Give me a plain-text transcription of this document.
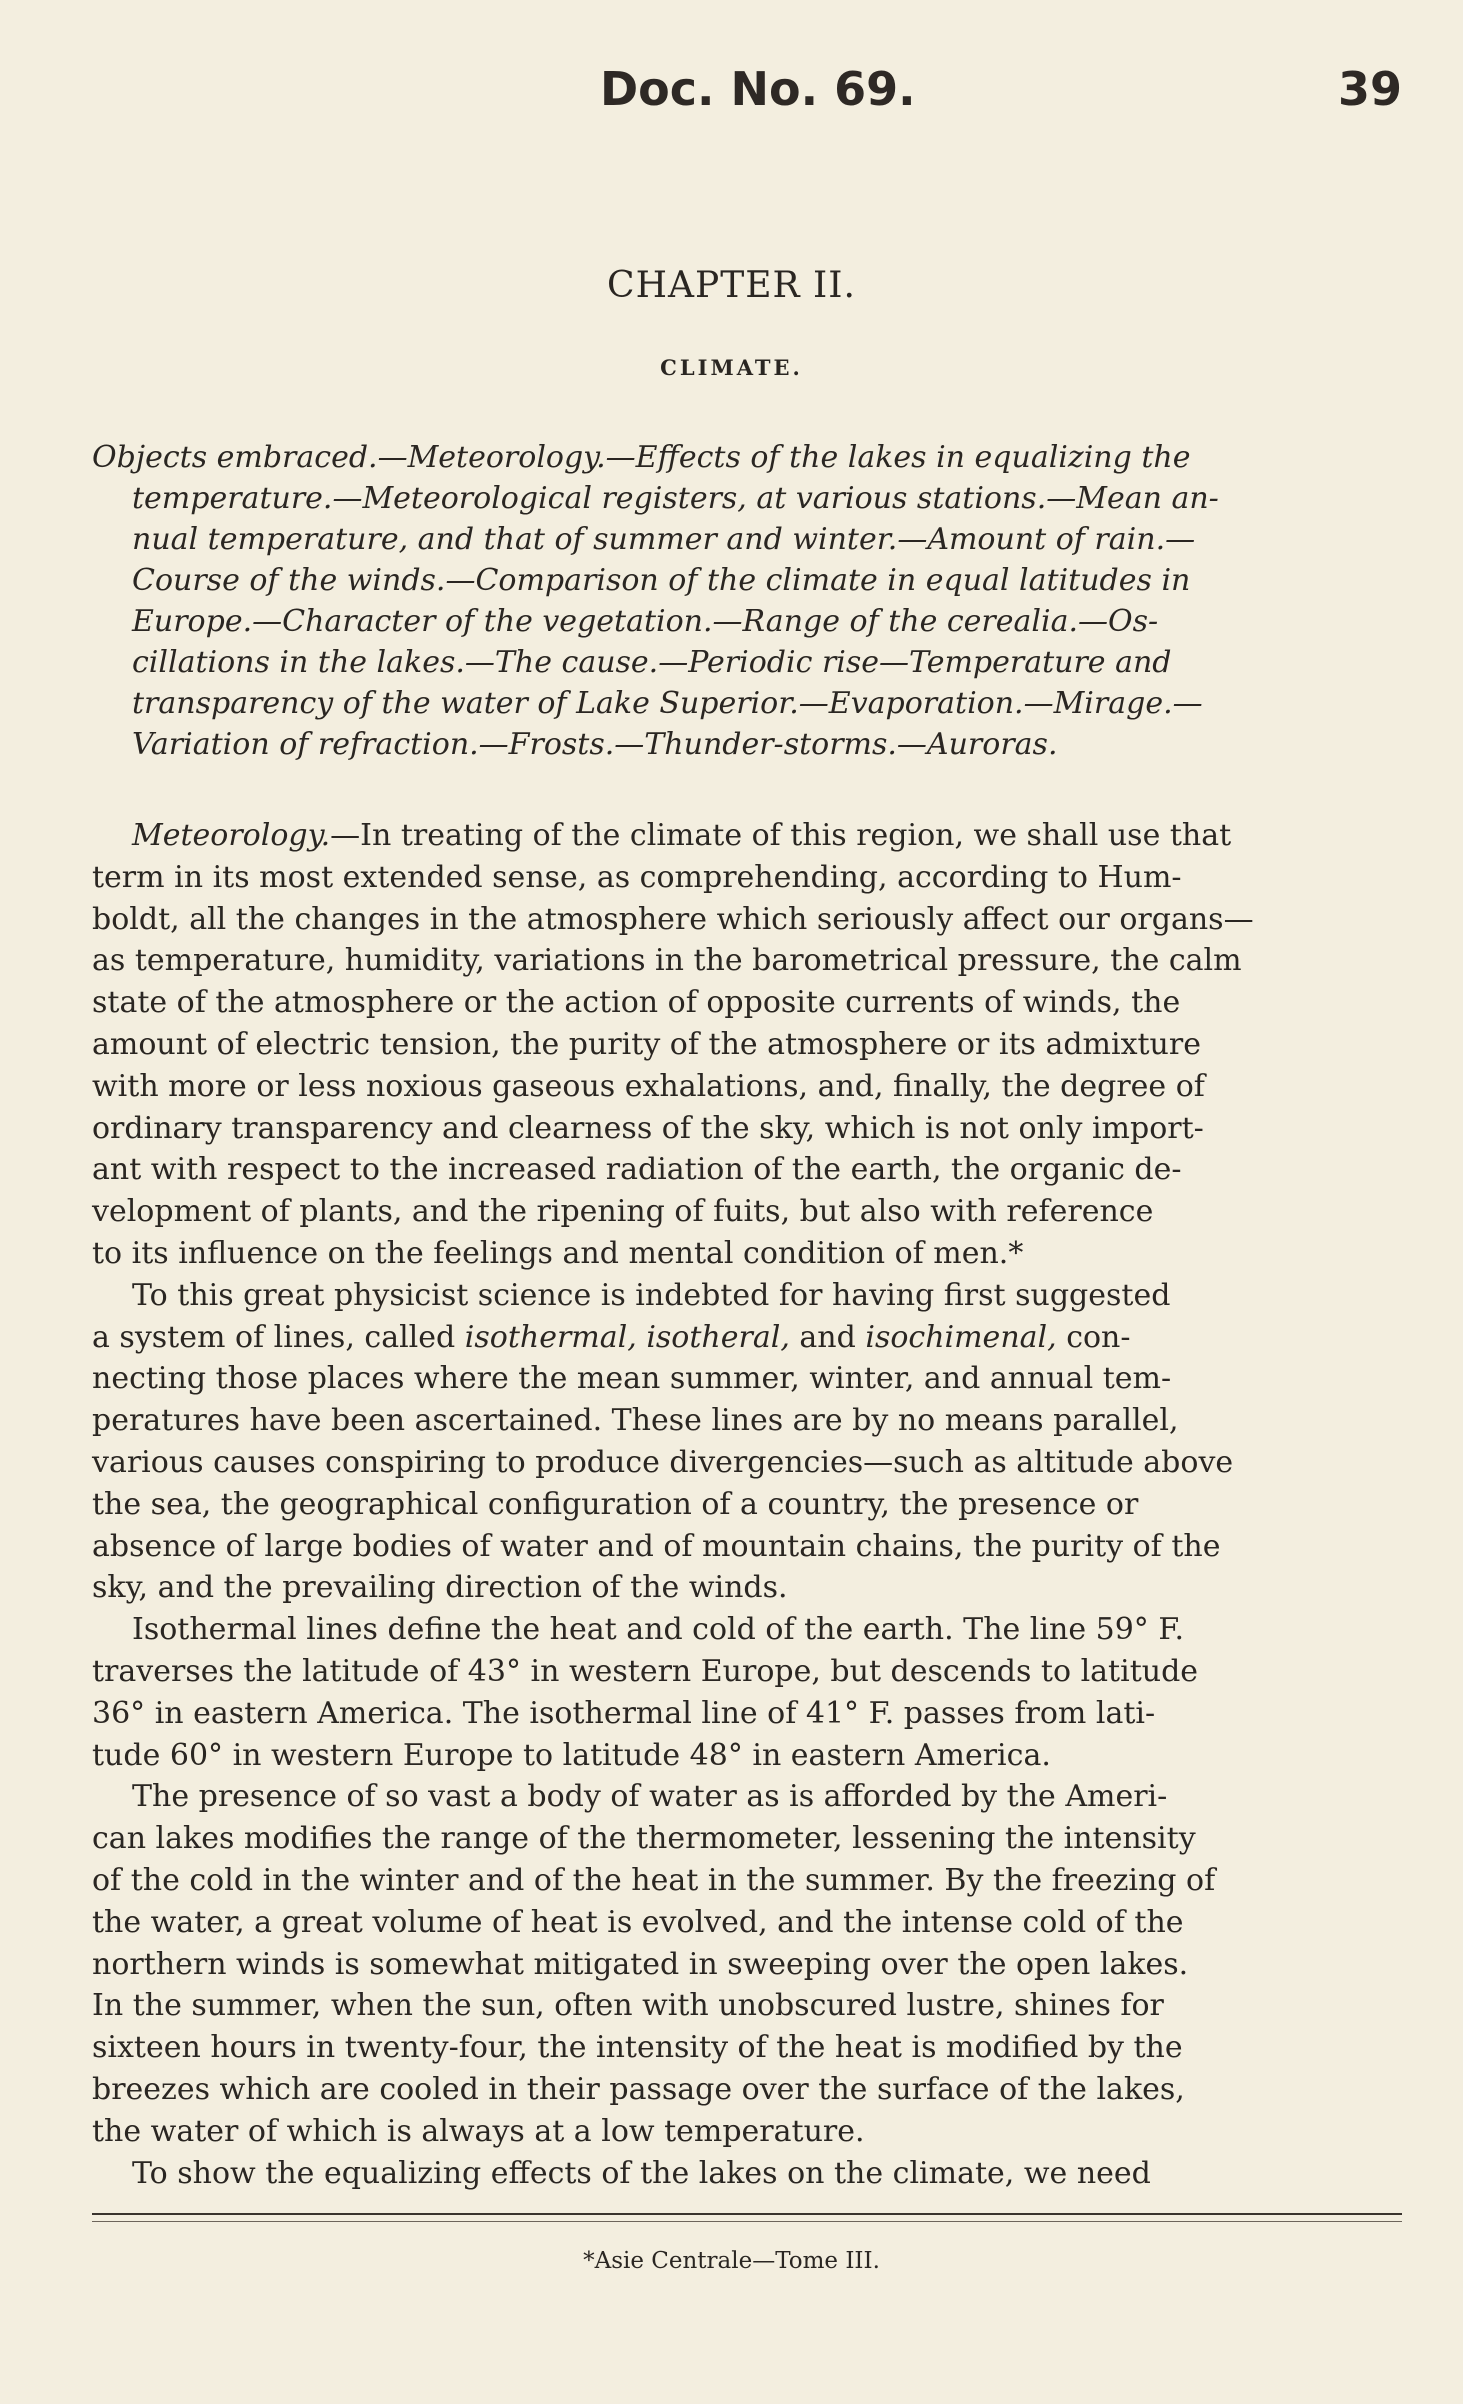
Doc. No. 69.	39
CHAPTER II.
CLIMATE.
Objects embraced.—Meteorology.—Effects of the lakes in equalizing the
temperature.—Meteorological registers, at various stations.—Mean an-
nual temperature, and that of summer and winter.—Amount of rain.—
Course of the winds.—Comparison of the climate in equal latitudes in
Europe.—Character of the vegetation.—Range of the cerealia.—Os-
cillations in the lakes.—The cause.—Periodic rise—Temperature and
transparency of the water of Lake Superior.—Evaporation.—Mirage.—
Variation of refraction.—Frosts.—Thunder-storms.—Auroras.
Meteorology.—In treating of the climate of this region, we shall use that
term in its most extended sense, as comprehending, according to Hum-
boldt, all the changes in the atmosphere which seriously affect our organs—
as temperature, humidity, variations in the barometrical pressure, the calm
state of the atmosphere or the action of opposite currents of winds, the
amount of electric tension, the purity of the atmosphere or its admixture
with more or less noxious gaseous exhalations, and, finally, the degree of
ordinary transparency and clearness of the sky, which is not only import-
ant with respect to the increased radiation of the earth, the organic de-
velopment of plants, and the ripening of fuits, but also with reference
to its influence on the feelings and mental condition of men.*
To this great physicist science is indebted for having first suggested
a system of lines, called isothermal, isotheral, and isochimenal, con-
necting those places where the mean summer, winter, and annual tem-
peratures have been ascertained. These lines are by no means parallel,
various causes conspiring to produce divergencies—such as altitude above
the sea, the geographical configuration of a country, the presence or
absence of large bodies of water and of mountain chains, the purity of the
sky, and the prevailing direction of the winds.
Isothermal lines define the heat and cold of the earth. The line 59° F.
traverses the latitude of 43° in western Europe, but descends to latitude
36° in eastern America. The isothermal line of 41° F. passes from lati-
tude 60° in western Europe to latitude 48° in eastern America.
The presence of so vast a body of water as is afforded by the Ameri-
can lakes modifies the range of the thermometer, lessening the intensity
of the cold in the winter and of the heat in the summer. By the freezing of
the water, a great volume of heat is evolved, and the intense cold of the
northern winds is somewhat mitigated in sweeping over the open lakes.
In the summer, when the sun, often with unobscured lustre, shines for
sixteen hours in twenty-four, the intensity of the heat is modified by the
breezes which are cooled in their passage over the surface of the lakes,
the water of which is always at a low temperature.
To show the equalizing effects of the lakes on the climate, we need
*Asie Centrale—Tome III.
